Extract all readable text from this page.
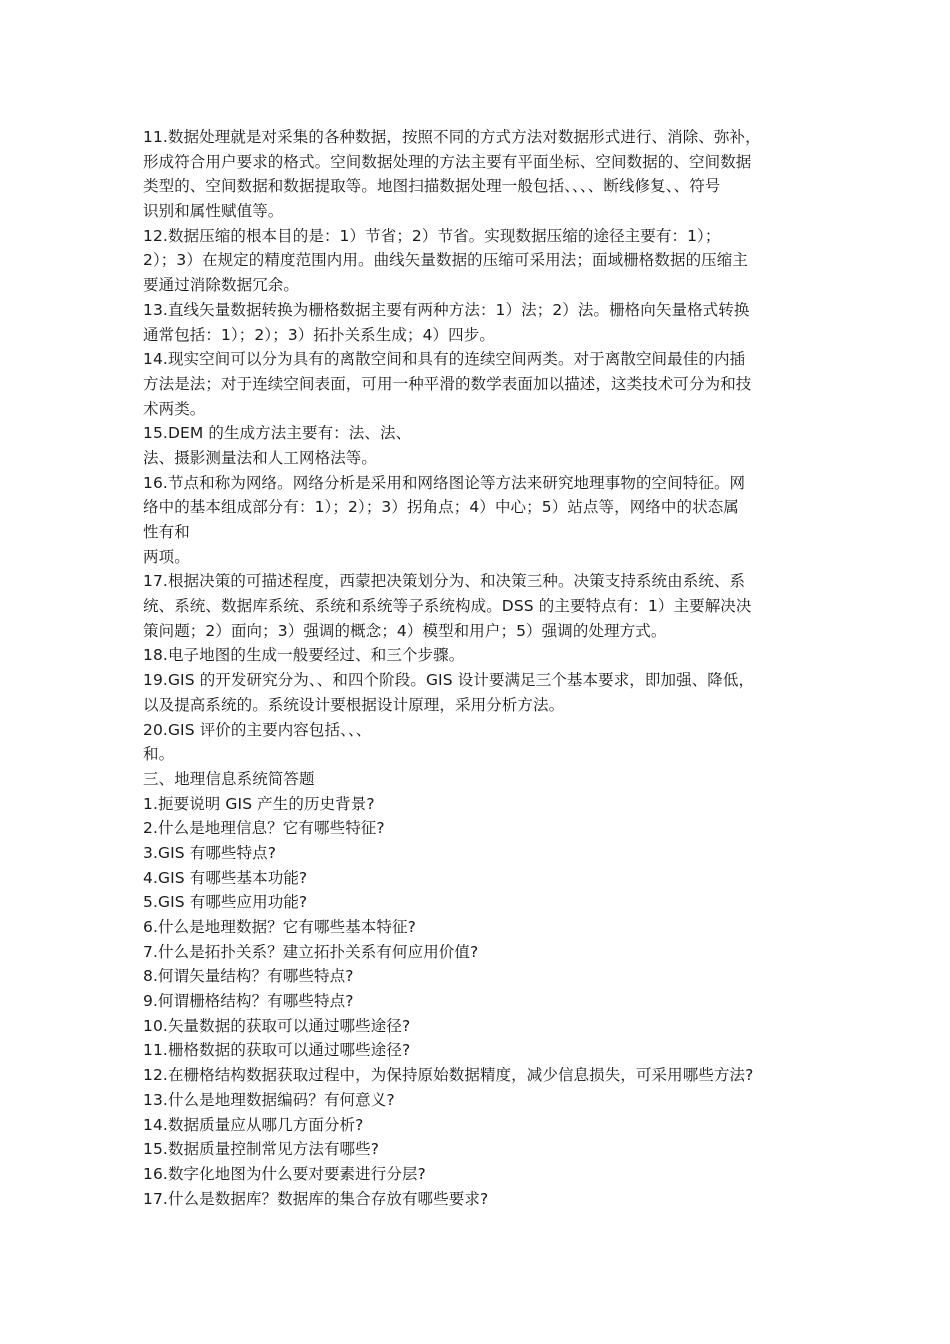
11.数据处理就是对采集的各种数据，按照不同的方式方法对数据形式进行、消除、弥补，
形成符合用户要求的格式。空间数据处理的方法主要有平面坐标、空间数据的、空间数据
类型的、空间数据和数据提取等。地图扫描数据处理一般包括、、、、断线修复、、符号
识别和属性赋值等。
12.数据压缩的根本目的是：1）节省；2）节省。实现数据压缩的途径主要有：1）；
2）；3）在规定的精度范围内用。曲线矢量数据的压缩可采用法；面域栅格数据的压缩主
要通过消除数据冗余。
13.直线矢量数据转换为栅格数据主要有两种方法：1）法；2）法。栅格向矢量格式转换
通常包括：1）；2）；3）拓扑关系生成；4）四步。
14.现实空间可以分为具有的离散空间和具有的连续空间两类。对于离散空间最佳的内插
方法是法；对于连续空间表面，可用一种平滑的数学表面加以描述，这类技术可分为和技
术两类。
15.DEM 的生成方法主要有：法、法、
法、摄影测量法和人工网格法等。
16.节点和称为网络。网络分析是采用和网络图论等方法来研究地理事物的空间特征。网
络中的基本组成部分有：1）；2）；3）拐角点；4）中心；5）站点等，网络中的状态属
性有和
两项。
17.根据决策的可描述程度，西蒙把决策划分为、和决策三种。决策支持系统由系统、系
统、系统、数据库系统、系统和系统等子系统构成。DSS 的主要特点有：1）主要解决决
策问题；2）面向；3）强调的概念；4）模型和用户；5）强调的处理方式。
18.电子地图的生成一般要经过、和三个步骤。
19.GIS 的开发研究分为、、和四个阶段。GIS 设计要满足三个基本要求，即加强、降低，
以及提高系统的。系统设计要根据设计原理，采用分析方法。
20.GIS 评价的主要内容包括、、、
和。
三、地理信息系统简答题
1.扼要说明 GIS 产生的历史背景?
2.什么是地理信息？它有哪些特征?
3.GIS 有哪些特点?
4.GIS 有哪些基本功能?
5.GIS 有哪些应用功能?
6.什么是地理数据？它有哪些基本特征?
7.什么是拓扑关系？建立拓扑关系有何应用价值?
8.何谓矢量结构？有哪些特点?
9.何谓栅格结构？有哪些特点?
10.矢量数据的获取可以通过哪些途径?
11.栅格数据的获取可以通过哪些途径?
12.在栅格结构数据获取过程中，为保持原始数据精度，减少信息损失，可采用哪些方法?
13.什么是地理数据编码？有何意义?
14.数据质量应从哪几方面分析?
15.数据质量控制常见方法有哪些?
16.数字化地图为什么要对要素进行分层?
17.什么是数据库？数据库的集合存放有哪些要求?
